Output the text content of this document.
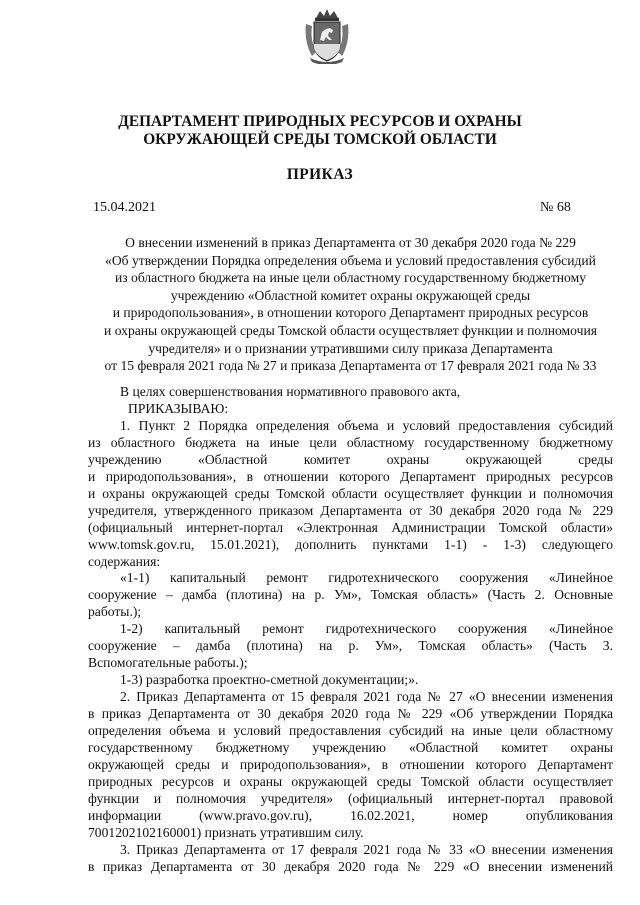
ДЕПАРТАМЕНТ ПРИРОДНЫХ РЕСУРСОВ И ОХРАНЫ
ОКРУЖАЮЩЕЙ СРЕДЫ ТОМСКОЙ ОБЛАСТИ
ПРИКАЗ
15.04.2021	№ 68
О внесении изменений в приказ Департамента от 30 декабря 2020 года № 229
«Об утверждении Порядка определения объема и условий предоставления субсидий
из областного бюджета на иные цели областному государственному бюджетному
учреждению «Областной комитет охраны окружающей среды
и природопользования», в отношении которого Департамент природных ресурсов
и охраны окружающей среды Томской области осуществляет функции и полномочия
учредителя» и о признании утратившими силу приказа Департамента
от 15 февраля 2021 года № 27 и приказа Департамента от 17 февраля 2021 года № 33
В целях совершенствования нормативного правового акта,
ПРИКАЗЫВАЮ:
1. Пункт 2 Порядка определения объема и условий предоставления субсидий
из областного бюджета на иные цели областному государственному бюджетному
учреждению «Областной комитет охраны окружающей среды
и природопользования», в отношении которого Департамент природных ресурсов
и охраны окружающей среды Томской области осуществляет функции и полномочия
учредителя, утвержденного приказом Департамента от 30 декабря 2020 года № 229
(официальный интернет-портал «Электронная Администрации Томской области»
www.tomsk.gov.ru, 15.01.2021), дополнить пунктами 1-1) - 1-3) следующего
содержания:
«1-1) капитальный ремонт гидротехнического сооружения «Линейное
сооружение – дамба (плотина) на р. Ум», Томская область» (Часть 2. Основные
работы.);
1-2) капитальный ремонт гидротехнического сооружения «Линейное
сооружение – дамба (плотина) на р. Ум», Томская область» (Часть 3.
Вспомогательные работы.);
1-3) разработка проектно-сметной документации;».
2. Приказ Департамента от 15 февраля 2021 года № 27 «О внесении изменения
в приказ Департамента от 30 декабря 2020 года № 229 «Об утверждении Порядка
определения объема и условий предоставления субсидий на иные цели областному
государственному бюджетному учреждению «Областной комитет охраны
окружающей среды и природопользования», в отношении которого Департамент
природных ресурсов и охраны окружающей среды Томской области осуществляет
функции и полномочия учредителя» (официальный интернет-портал правовой
информации (www.pravo.gov.ru), 16.02.2021, номер опубликования
7001202102160001) признать утратившим силу.
3. Приказ Департамента от 17 февраля 2021 года № 33 «О внесении изменения
в приказ Департамента от 30 декабря 2020 года № 229 «О внесении изменений
